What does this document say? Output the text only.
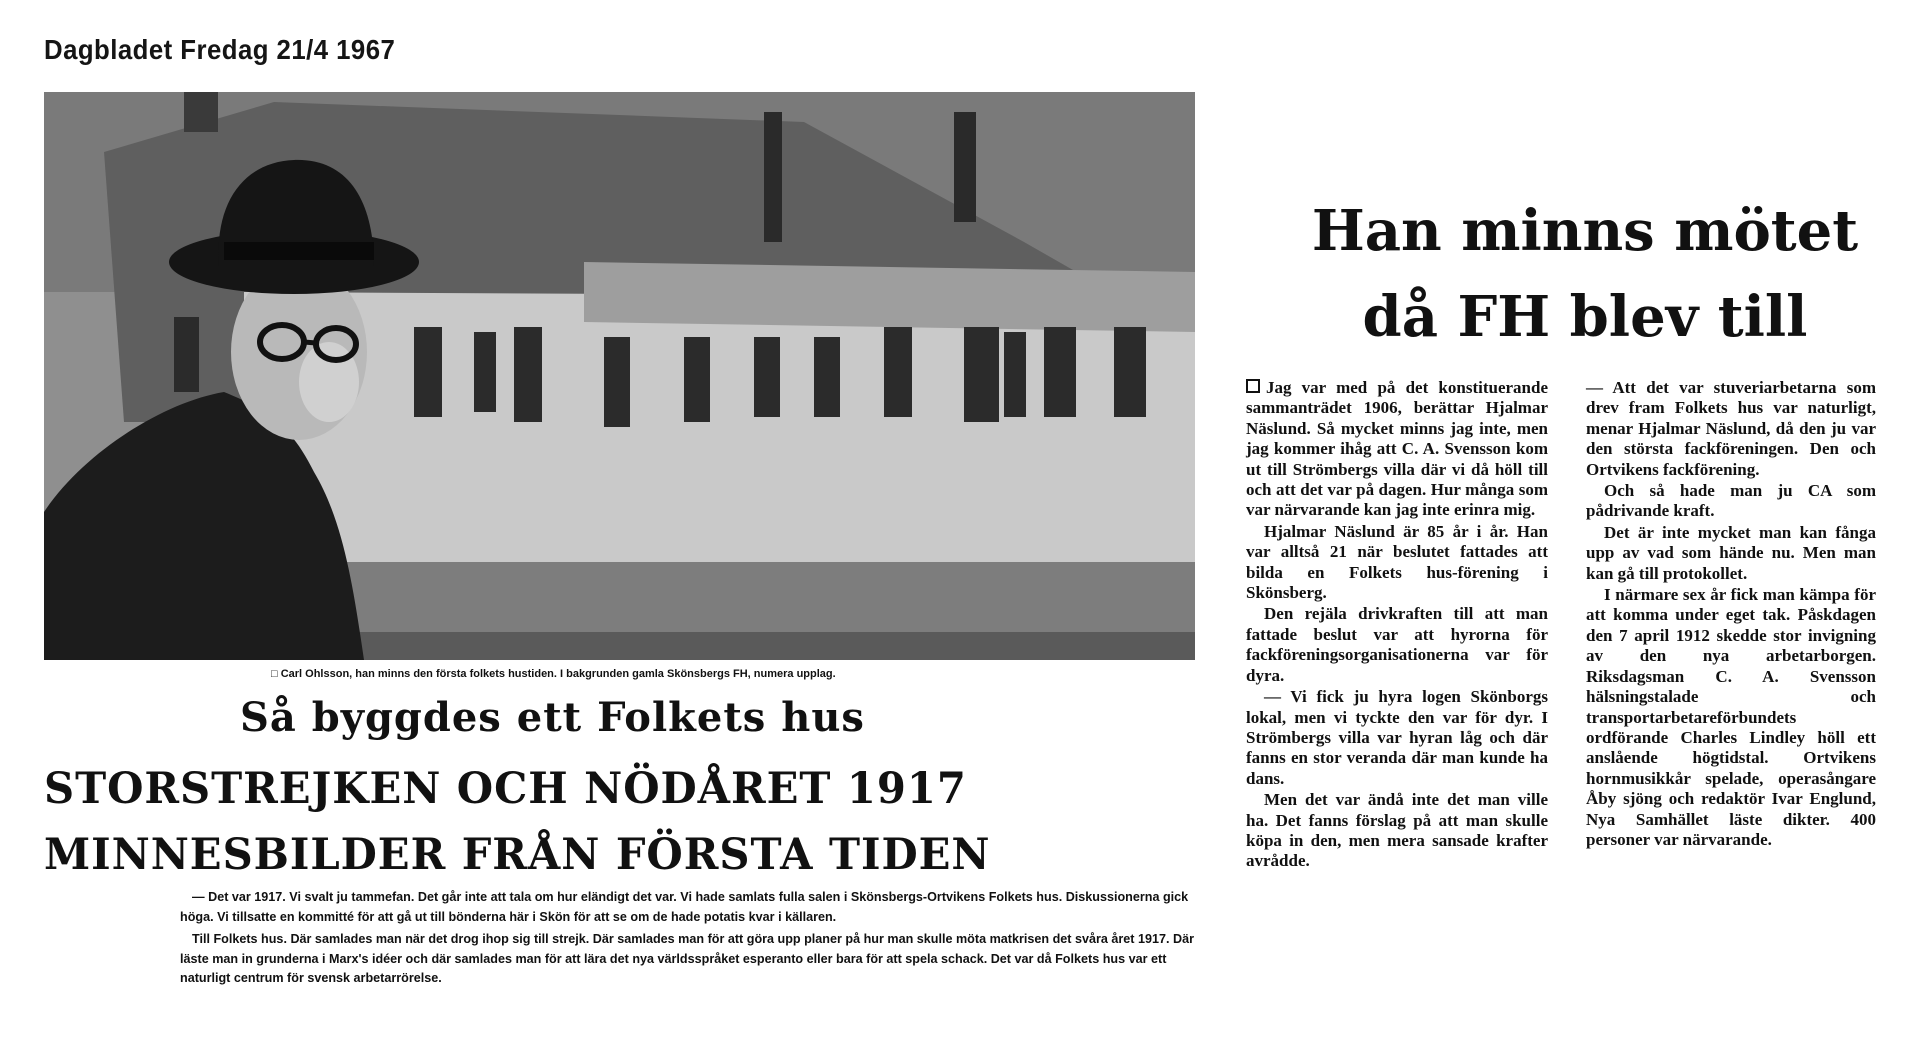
Dagbladet Fredag 21/4 1967
□ Carl Ohlsson, han minns den första folkets hustiden. I bakgrunden gamla Skönsbergs FH, numera upplag.
Så byggdes ett Folkets hus
STORSTREJKEN OCH NÖDÅRET 1917
MINNESBILDER FRÅN FÖRSTA TIDEN

— Det var 1917. Vi svalt ju tammefan. Det går inte att tala om hur eländigt det var. Vi hade samlats fulla salen i Skönsbergs-Ortvikens Folkets hus. Diskussionerna gick höga. Vi tillsatte en kommitté för att gå ut till bönderna här i Skön för att se om de hade potatis kvar i källaren.

Till Folkets hus. Där samlades man när det drog ihop sig till strejk. Där samlades man för att göra upp planer på hur man skulle möta matkrisen det svåra året 1917. Där läste man in grunderna i Marx's idéer och där samlades man för att lära det nya världsspråket esperanto eller bara för att spela schack. Det var då Folkets hus var ett naturligt centrum för svensk arbetarrörelse.

Han minns mötet
då FH blev till

Jag var med på det konstituerande sammanträdet 1906, berättar Hjalmar Näslund. Så mycket minns jag inte, men jag kommer ihåg att C. A. Svensson kom ut till Strömbergs villa där vi då höll till och att det var på dagen. Hur många som var närvarande kan jag inte erinra mig.

Hjalmar Näslund är 85 år i år. Han var alltså 21 när beslutet fattades att bilda en Folkets hus-förening i Skönsberg.

Den rejäla drivkraften till att man fattade beslut var att hyrorna för fackföreningsorganisationerna var för dyra.

— Vi fick ju hyra logen Skönborgs lokal, men vi tyckte den var för dyr. I Strömbergs villa var hyran låg och där fanns en stor veranda där man kunde ha dans.

Men det var ändå inte det man ville ha. Det fanns förslag på att man skulle köpa in den, men mera sansade krafter avrådde.

— Att det var stuveriarbetarna som drev fram Folkets hus var naturligt, menar Hjalmar Näslund, då den ju var den största fackföreningen. Den och Ortvikens fackförening.

Och så hade man ju CA som pådrivande kraft.

Det är inte mycket man kan fånga upp av vad som hände nu. Men man kan gå till protokollet.

I närmare sex år fick man kämpa för att komma under eget tak. Påskdagen den 7 april 1912 skedde stor invigning av den nya arbetarborgen. Riksdagsman C. A. Svensson hälsningstalade och transportarbetareförbundets ordförande Charles Lindley höll ett anslående högtidstal. Ortvikens hornmusikkår spelade, operasångare Åby sjöng och redaktör Ivar Englund, Nya Samhället läste dikter. 400 personer var närvarande.
